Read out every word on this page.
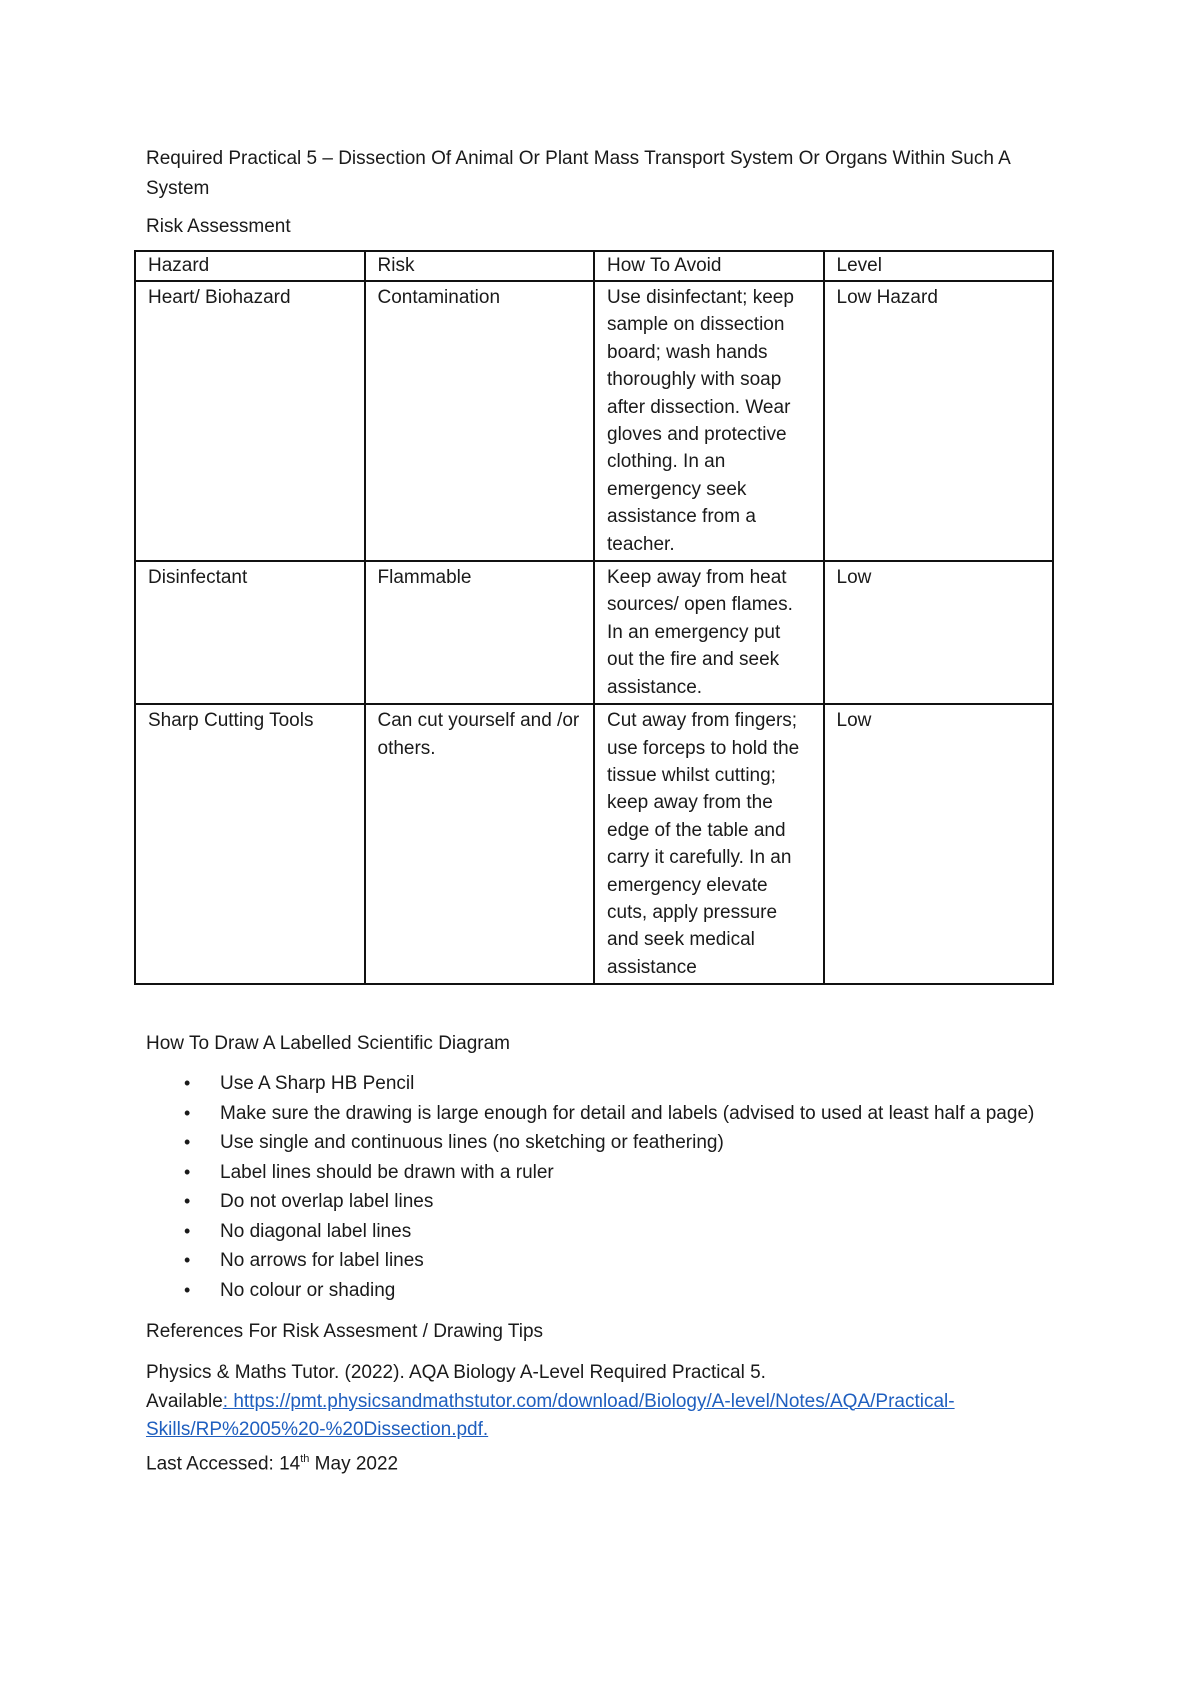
Required Practical 5 – Dissection Of Animal Or Plant Mass Transport System Or Organs Within Such A System
Risk Assessment
Hazard	Risk	How To Avoid	Level
Heart/ Biohazard	Contamination	Use disinfectant; keep sample on dissection board; wash hands thoroughly with soap after dissection. Wear gloves and protective clothing. In an emergency seek assistance from a teacher.	Low Hazard
Disinfectant	Flammable	Keep away from heat sources/ open flames. In an emergency put out the fire and seek assistance.	Low
Sharp Cutting Tools	Can cut yourself and /or others.	Cut away from fingers; use forceps to hold the tissue whilst cutting; keep away from the edge of the table and carry it carefully. In an emergency elevate cuts, apply pressure and seek medical assistance	Low
How To Draw A Labelled Scientific Diagram
• Use A Sharp HB Pencil
• Make sure the drawing is large enough for detail and labels (advised to used at least half a page)
• Use single and continuous lines (no sketching or feathering)
• Label lines should be drawn with a ruler
• Do not overlap label lines
• No diagonal label lines
• No arrows for label lines
• No colour or shading
References For Risk Assesment / Drawing Tips
Physics & Maths Tutor. (2022). AQA Biology A-Level Required Practical 5.
Available: https://pmt.physicsandmathstutor.com/download/Biology/A-level/Notes/AQA/Practical-Skills/RP%2005%20-%20Dissection.pdf.
Last Accessed: 14th May 2022
